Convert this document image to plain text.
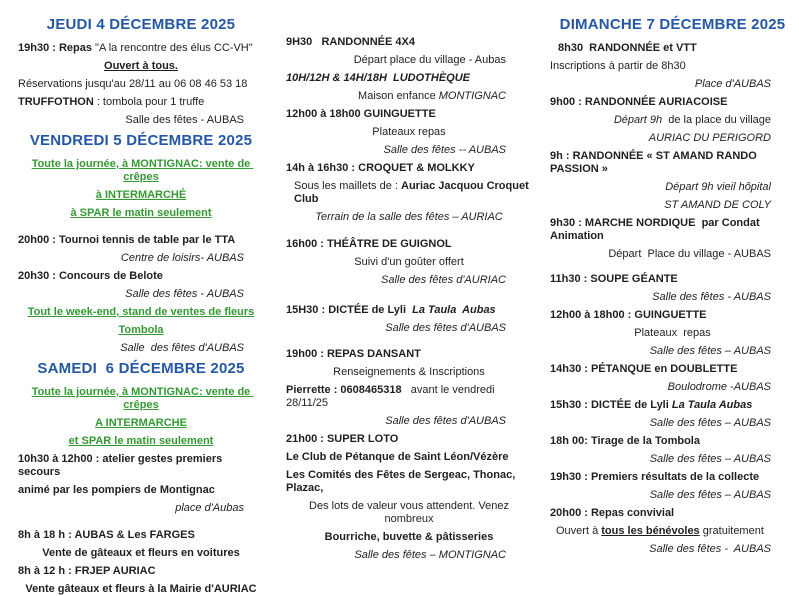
JEUDI 4 DÉCEMBRE 2025
19h30 : Repas "A la rencontre des élus CC-VH"
Ouvert à tous.
Réservations jusqu'au 28/11 au 06 08 46 53 18
TRUFFOTHON : tombola pour 1 truffe
Salle des fêtes - AUBAS
VENDREDI 5 DÉCEMBRE 2025
Toute la journée, à MONTIGNAC: vente de crêpes
à INTERMARCHÉ
à SPAR le matin seulement
20h00 : Tournoi tennis de table par le TTA
Centre de loisirs- AUBAS
20h30 : Concours de Belote
Salle des fêtes - AUBAS
Tout le week-end, stand de ventes de fleurs
Tombola
Salle  des fêtes d'AUBAS
SAMEDI  6 DÉCEMBRE 2025
Toute la journée, à MONTIGNAC: vente de crêpes
A INTERMARCHE
et SPAR le matin seulement
10h30 à 12h00 : atelier gestes premiers secours
animé par les pompiers de Montignac
place d'Aubas
8h à 18 h : AUBAS & Les FARGES
Vente de gâteaux et fleurs en voitures
8h à 12 h : FRJEP AURIAC
Vente gâteaux et fleurs à la Mairie d'AURIAC
9H30   RANDONNÉE 4X4
Départ place du village - Aubas
10H/12H & 14H/18H  LUDOTHÈQUE
Maison enfance MONTIGNAC
12h00 à 18h00 GUINGUETTE
Plateaux repas
Salle des fêtes -- AUBAS
14h à 16h30 : CROQUET & MOLKKY
Sous les maillets de : Auriac Jacquou Croquet Club
Terrain de la salle des fêtes – AURIAC
16h00 : THÉÂTRE DE GUIGNOL
Suivi d'un goûter offert
Salle des fêtes d'AURIAC
15H30 : DICTÉE de Lyli  La Taula  Aubas
Salle des fêtes d'AUBAS
19h00 : REPAS DANSANT
Renseignements & Inscriptions
Pierrette : 0608465318   avant le vendredi 28/11/25
Salle des fêtes d'AUBAS
21h00 : SUPER LOTO
Le Club de Pétanque de Saint Léon/Vézère
Les Comités des Fêtes de Sergeac, Thonac, Plazac,
Des lots de valeur vous attendent. Venez nombreux
Bourriche, buvette & pâtisseries
Salle des fêtes – MONTIGNAC
DIMANCHE 7 DÉCEMBRE 2025
8h30  RANDONNÉE et VTT
Inscriptions à partir de 8h30
Place d'AUBAS
9h00 : RANDONNÉE AURIACOISE
Départ 9h  de la place du village
AURIAC DU PERIGORD
9h : RANDONNÉE « ST AMAND RANDO PASSION »
Départ 9h vieil hôpital
ST AMAND DE COLY
9h30 : MARCHE NORDIQUE  par Condat Animation
Départ  Place du village - AUBAS
11h30 : SOUPE GÉANTE
Salle des fêtes - AUBAS
12h00 à 18h00 : GUINGUETTE
Plateaux  repas
Salle des fêtes – AUBAS
14h30 : PÉTANQUE en DOUBLETTE
Boulodrome -AUBAS
15h30 : DICTÉE de Lyli La Taula Aubas
Salle des fêtes – AUBAS
18h 00: Tirage de la Tombola
Salle des fêtes – AUBAS
19h30 : Premiers résultats de la collecte
Salle des fêtes – AUBAS
20h00 : Repas convivial
Ouvert à tous les bénévoles gratuitement
Salle des fêtes -  AUBAS
